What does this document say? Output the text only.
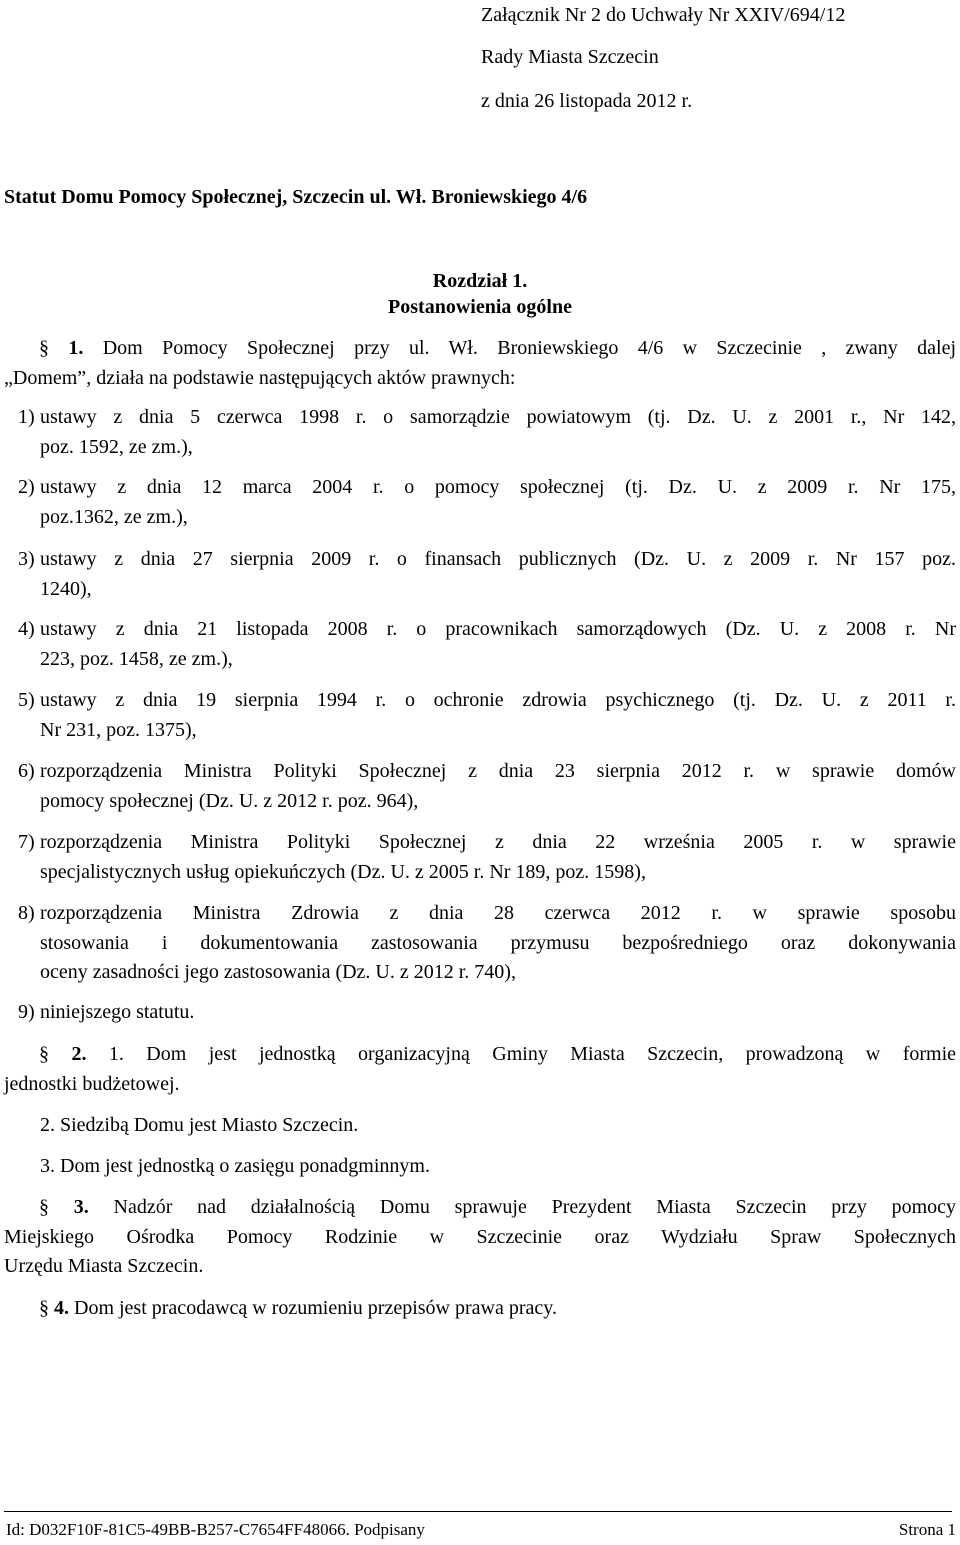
Załącznik Nr 2 do Uchwały Nr XXIV/694/12
Rady Miasta Szczecin
z dnia 26 listopada 2012 r.
Statut Domu Pomocy Społecznej, Szczecin ul. Wł. Broniewskiego 4/6
Rozdział 1.
Postanowienia ogólne
§ 1. Dom Pomocy Społecznej przy ul. Wł. Broniewskiego 4/6 w Szczecinie , zwany dalej
„Domem”, działa na podstawie następujących aktów prawnych:
1) ustawy z dnia 5 czerwca 1998 r. o samorządzie powiatowym (tj. Dz. U. z 2001 r., Nr 142,
poz. 1592, ze zm.),
2) ustawy z dnia 12 marca 2004 r. o pomocy społecznej (tj. Dz. U. z 2009 r. Nr 175,
poz.1362, ze zm.),
3) ustawy z dnia 27 sierpnia 2009 r. o finansach publicznych (Dz. U. z 2009 r. Nr 157 poz.
1240),
4) ustawy z dnia 21 listopada 2008 r. o pracownikach samorządowych (Dz. U. z 2008 r. Nr
223, poz. 1458, ze zm.),
5) ustawy z dnia 19 sierpnia 1994 r. o ochronie zdrowia psychicznego (tj. Dz. U. z 2011 r.
Nr 231, poz. 1375),
6) rozporządzenia Ministra Polityki Społecznej z dnia 23 sierpnia 2012 r. w sprawie domów
pomocy społecznej (Dz. U. z 2012 r. poz. 964),
7) rozporządzenia Ministra Polityki Społecznej z dnia 22 września 2005 r. w sprawie
specjalistycznych usług opiekuńczych (Dz. U. z 2005 r. Nr 189, poz. 1598),
8) rozporządzenia Ministra Zdrowia z dnia 28 czerwca 2012 r. w sprawie sposobu
stosowania i dokumentowania zastosowania przymusu bezpośredniego oraz dokonywania
oceny zasadności jego zastosowania (Dz. U. z 2012 r. 740),
9) niniejszego statutu.
§ 2. 1. Dom jest jednostką organizacyjną Gminy Miasta Szczecin, prowadzoną w formie
jednostki budżetowej.
2. Siedzibą Domu jest Miasto Szczecin.
3. Dom jest jednostką o zasięgu ponadgminnym.
§ 3. Nadzór nad działalnością Domu sprawuje Prezydent Miasta Szczecin przy pomocy
Miejskiego Ośrodka Pomocy Rodzinie w Szczecinie oraz Wydziału Spraw Społecznych
Urzędu Miasta Szczecin.
§ 4. Dom jest pracodawcą w rozumieniu przepisów prawa pracy.
Id: D032F10F-81C5-49BB-B257-C7654FF48066. Podpisany	Strona 1
